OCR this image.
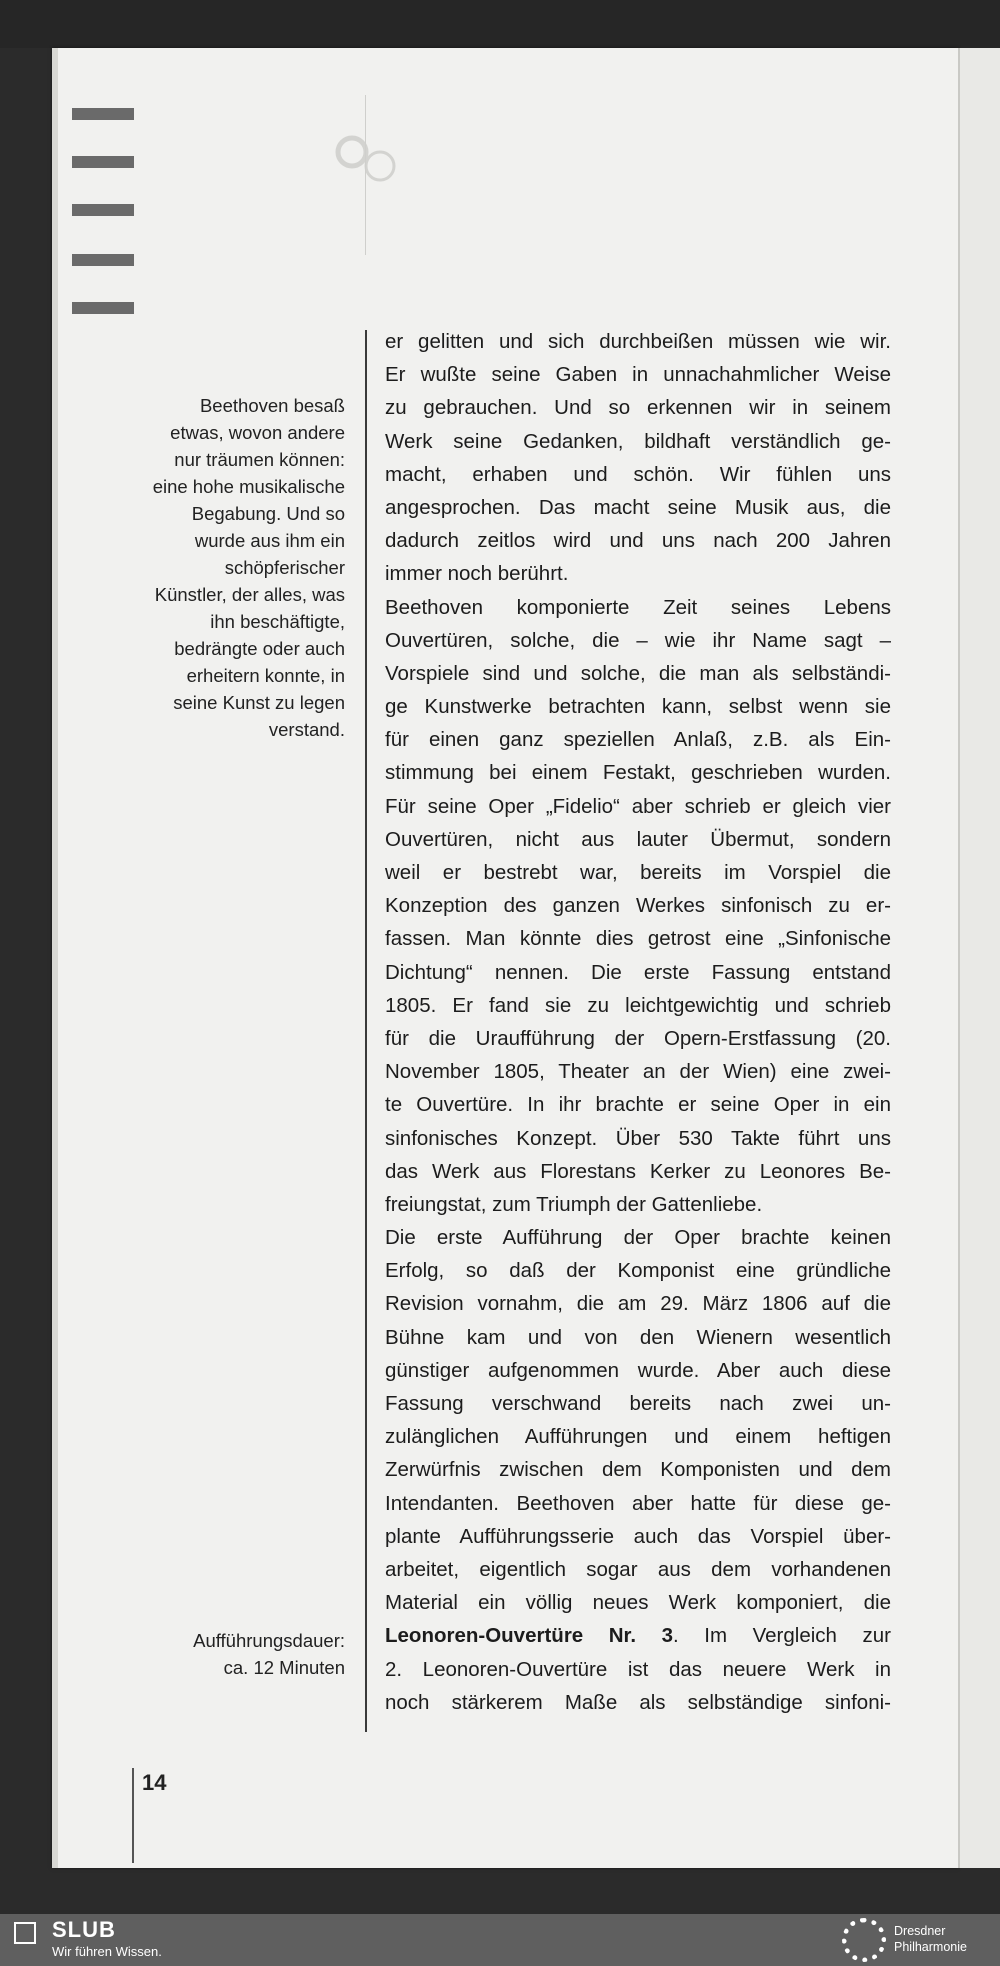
Beethoven besaß
etwas, wovon andere
nur träumen können:
eine hohe musikalische
Begabung. Und so
wurde aus ihm ein
schöpferischer
Künstler, der alles, was
ihn beschäftigte,
bedrängte oder auch
erheitern konnte, in
seine Kunst zu legen
verstand.
Aufführungsdauer:
ca. 12 Minuten
er gelitten und sich durchbeißen müssen wie wir.
Er wußte seine Gaben in unnachahmlicher Weise
zu gebrauchen. Und so erkennen wir in seinem
Werk seine Gedanken, bildhaft verständlich ge-
macht, erhaben und schön. Wir fühlen uns
angesprochen. Das macht seine Musik aus, die
dadurch zeitlos wird und uns nach 200 Jahren
immer noch berührt.
Beethoven komponierte Zeit seines Lebens
Ouvertüren, solche, die – wie ihr Name sagt –
Vorspiele sind und solche, die man als selbständi-
ge Kunstwerke betrachten kann, selbst wenn sie
für einen ganz speziellen Anlaß, z.B. als Ein-
stimmung bei einem Festakt, geschrieben wurden.
Für seine Oper „Fidelio“ aber schrieb er gleich vier
Ouvertüren, nicht aus lauter Übermut, sondern
weil er bestrebt war, bereits im Vorspiel die
Konzeption des ganzen Werkes sinfonisch zu er-
fassen. Man könnte dies getrost eine „Sinfonische
Dichtung“ nennen. Die erste Fassung entstand
1805. Er fand sie zu leichtgewichtig und schrieb
für die Uraufführung der Opern-Erstfassung (20.
November 1805, Theater an der Wien) eine zwei-
te Ouvertüre. In ihr brachte er seine Oper in ein
sinfonisches Konzept. Über 530 Takte führt uns
das Werk aus Florestans Kerker zu Leonores Be-
freiungstat, zum Triumph der Gattenliebe.
Die erste Aufführung der Oper brachte keinen
Erfolg, so daß der Komponist eine gründliche
Revision vornahm, die am 29. März 1806 auf die
Bühne kam und von den Wienern wesentlich
günstiger aufgenommen wurde. Aber auch diese
Fassung verschwand bereits nach zwei un-
zulänglichen Aufführungen und einem heftigen
Zerwürfnis zwischen dem Komponisten und dem
Intendanten. Beethoven aber hatte für diese ge-
plante Aufführungsserie auch das Vorspiel über-
arbeitet, eigentlich sogar aus dem vorhandenen
Material ein völlig neues Werk komponiert, die
Leonoren-Ouvertüre Nr. 3. Im Vergleich zur
2. Leonoren-Ouvertüre ist das neuere Werk in
noch stärkerem Maße als selbständige sinfoni-
14
SLUB
Wir führen Wissen.
Dresdner
Philharmonie
